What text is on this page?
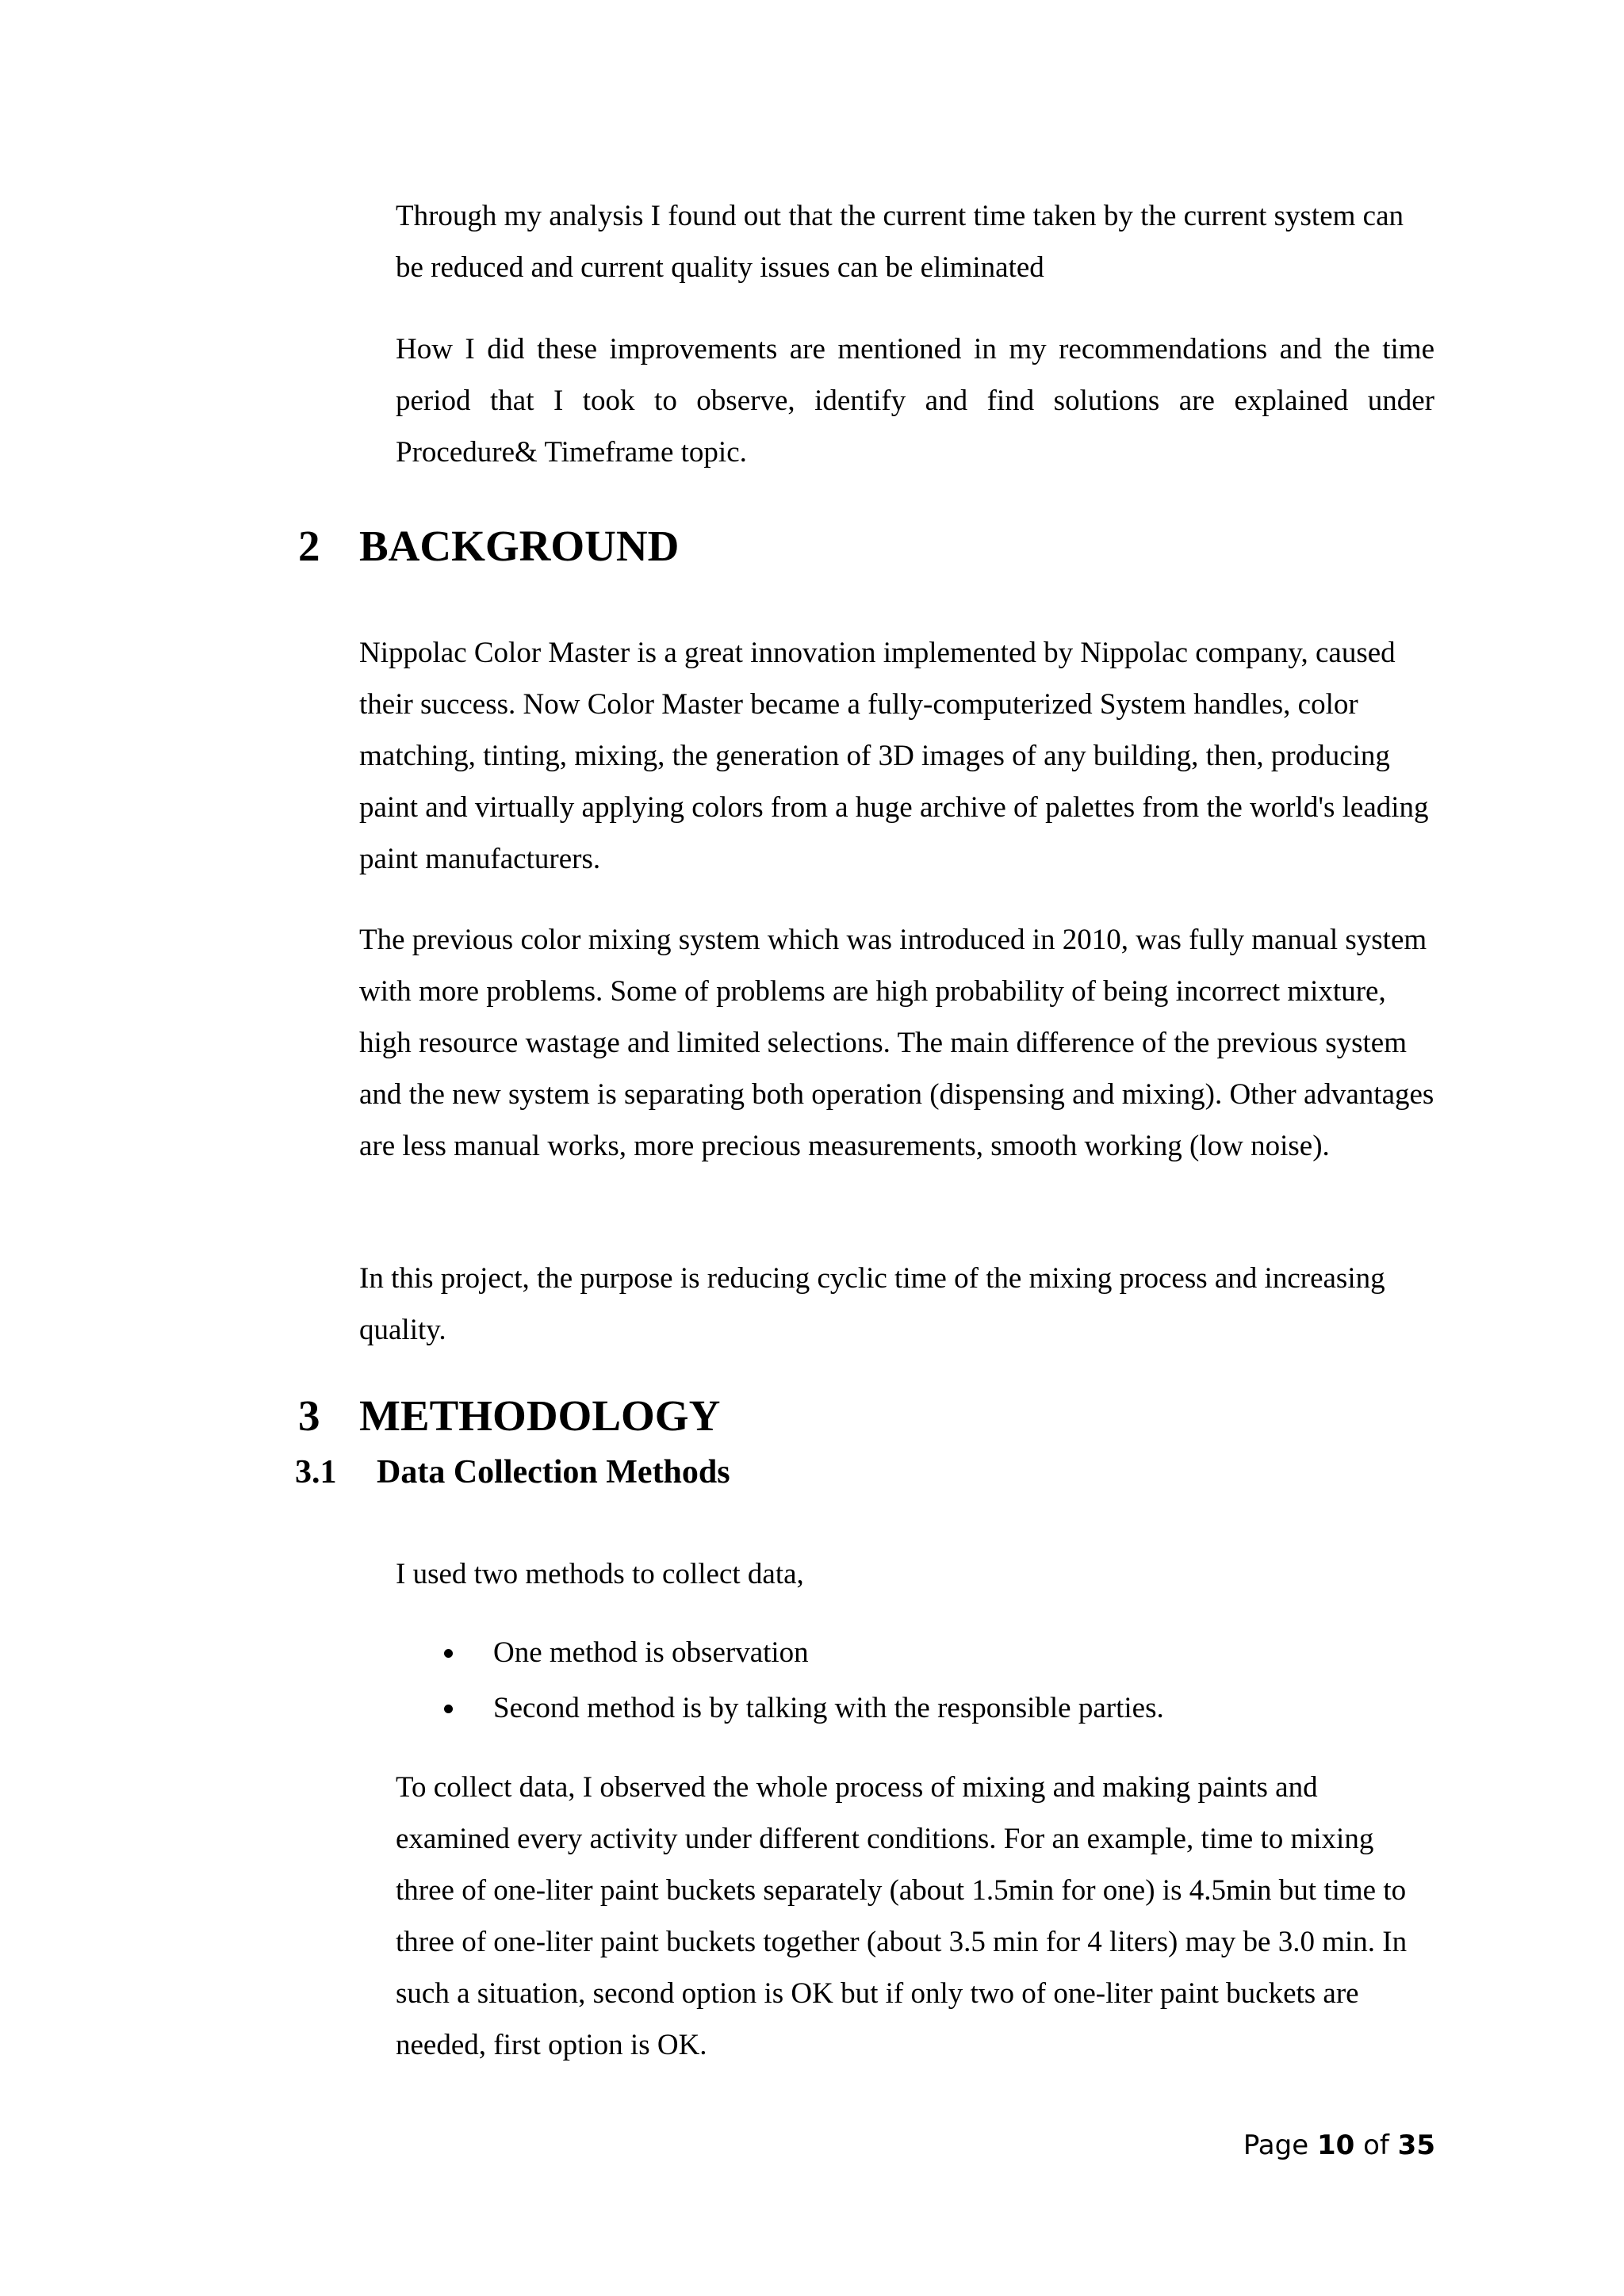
Through my analysis I found out that the current time taken by the current system can be reduced and current quality issues can be eliminated

How I did these improvements are mentioned in my recommendations and the time period that I took to observe, identify and find solutions are explained under Procedure& Timeframe topic.

2 BACKGROUND

Nippolac Color Master is a great innovation implemented by Nippolac company, caused their success. Now Color Master became a fully-computerized System handles, color matching, tinting, mixing, the generation of 3D images of any building, then, producing paint and virtually applying colors from a huge archive of palettes from the world's leading paint manufacturers.

The previous color mixing system which was introduced in 2010, was fully manual system with more problems. Some of problems are high probability of being incorrect mixture, high resource wastage and limited selections. The main difference of the previous system and the new system is separating both operation (dispensing and mixing). Other advantages are less manual works, more precious measurements, smooth working (low noise).

In this project, the purpose is reducing cyclic time of the mixing process and increasing quality.

3 METHODOLOGY
3.1 Data Collection Methods

I used two methods to collect data,

One method is observation
Second method is by talking with the responsible parties.

To collect data, I observed the whole process of mixing and making paints and examined every activity under different conditions. For an example, time to mixing three of one-liter paint buckets separately (about 1.5min for one) is 4.5min but time to three of one-liter paint buckets together (about 3.5 min for 4 liters) may be 3.0 min. In such a situation, second option is OK but if only two of one-liter paint buckets are needed, first option is OK.

Page 10 of 35
